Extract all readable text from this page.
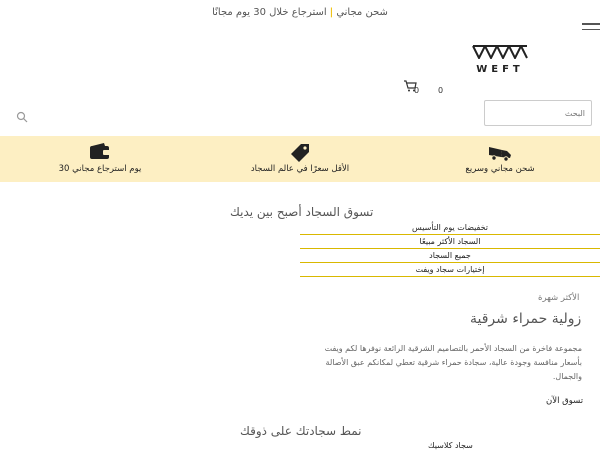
شحن مجاني|استرجاع خلال 30 يوم مجانًا
WEFT
0 0
البحث
30 يوم استرجاع مجاني	الأقل سعرًا في عالم السجاد	شحن مجاني وسريع
تسوق السجاد أصبح بين يديك
تخفيضات يوم التأسيس
السجاد الأكثر مبيعًا
جميع السجاد
إختيارات سجاد ويفت
الأكثر شهرة
زولية حمراء شرقية
مجموعة فاخرة من السجاد الأحمر بالتصاميم الشرقية الرائعة نوفرها لكم ويفت بأسعار منافسة وجودة عالية، سجادة حمراء شرقية تعطي لمكانكم عبق الأصالة والجمال.
تسوق الآن
نمط سجادتك على ذوقك
سجاد كلاسيك
